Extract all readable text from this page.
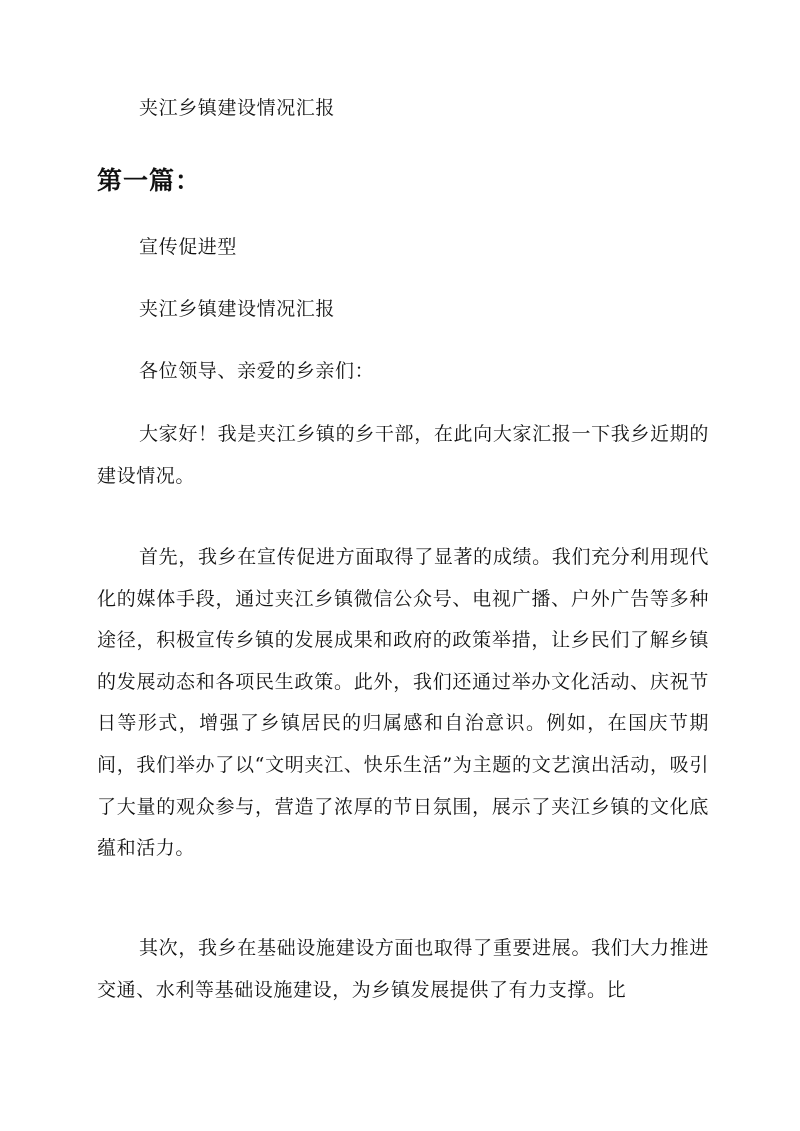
夹江乡镇建设情况汇报
第一篇：
宣传促进型
夹江乡镇建设情况汇报
各位领导、亲爱的乡亲们：
大家好！我是夹江乡镇的乡干部，在此向大家汇报一下我乡近期的建设情况。
首先，我乡在宣传促进方面取得了显著的成绩。我们充分利用现代化的媒体手段，通过夹江乡镇微信公众号、电视广播、户外广告等多种途径，积极宣传乡镇的发展成果和政府的政策举措，让乡民们了解乡镇的发展动态和各项民生政策。此外，我们还通过举办文化活动、庆祝节日等形式，增强了乡镇居民的归属感和自治意识。例如，在国庆节期间，我们举办了以“文明夹江、快乐生活”为主题的文艺演出活动，吸引了大量的观众参与，营造了浓厚的节日氛围，展示了夹江乡镇的文化底蕴和活力。
其次，我乡在基础设施建设方面也取得了重要进展。我们大力推进交通、水利等基础设施建设，为乡镇发展提供了有力支撑。比
